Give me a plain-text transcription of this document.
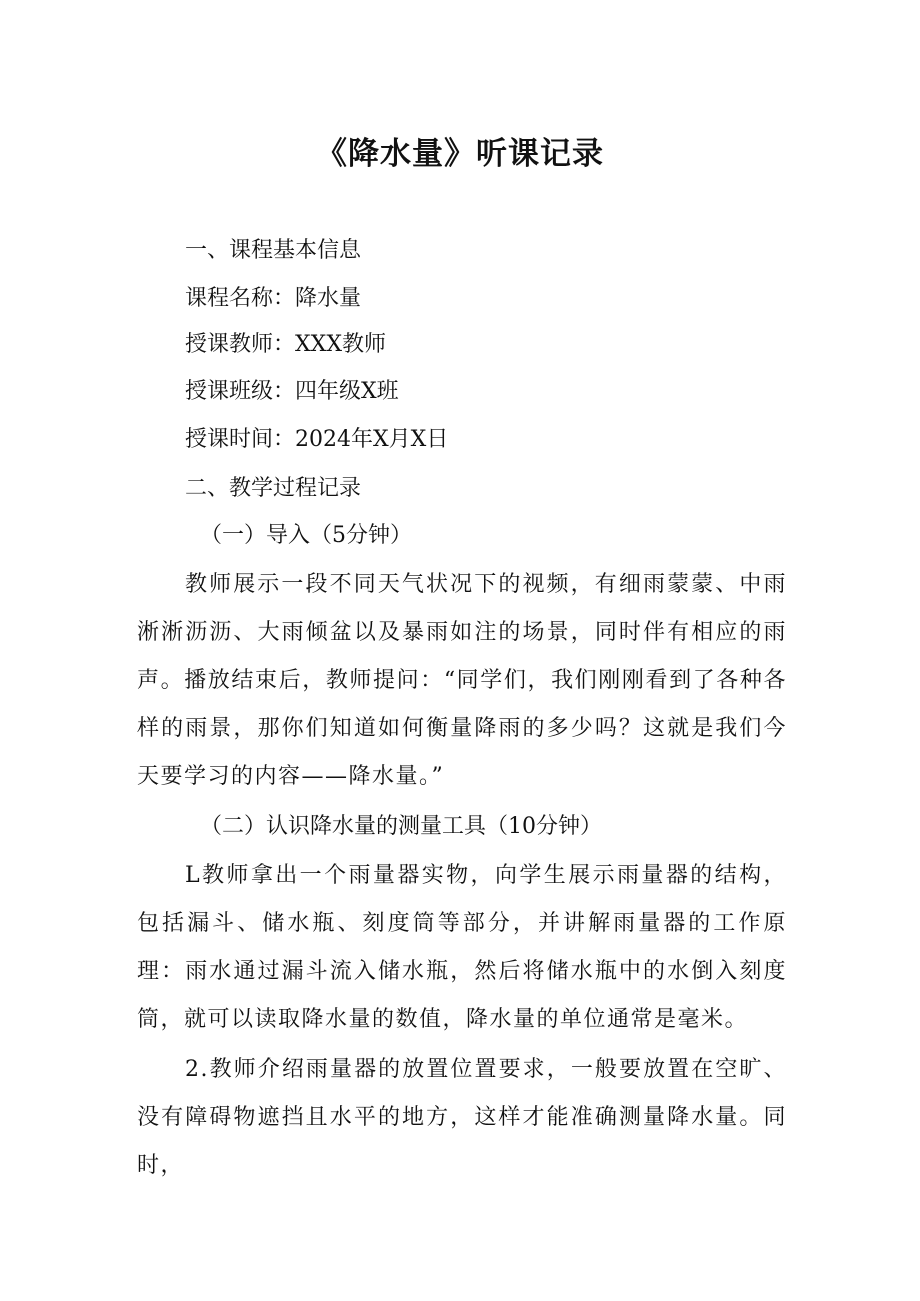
《降水量》听课记录
一、课程基本信息
课程名称：降水量
授课教师：XXX教师
授课班级：四年级X班
授课时间：2024年X月X日
二、教学过程记录
（一）导入（5分钟）
教师展示一段不同天气状况下的视频，有细雨蒙蒙、中雨淅淅沥沥、大雨倾盆以及暴雨如注的场景，同时伴有相应的雨声。播放结束后，教师提问：“同学们，我们刚刚看到了各种各样的雨景，那你们知道如何衡量降雨的多少吗？这就是我们今天要学习的内容——降水量。”
（二）认识降水量的测量工具（10分钟）
L教师拿出一个雨量器实物，向学生展示雨量器的结构，包括漏斗、储水瓶、刻度筒等部分，并讲解雨量器的工作原理：雨水通过漏斗流入储水瓶，然后将储水瓶中的水倒入刻度筒，就可以读取降水量的数值，降水量的单位通常是毫米。
2.教师介绍雨量器的放置位置要求，一般要放置在空旷、没有障碍物遮挡且水平的地方，这样才能准确测量降水量。同时，
